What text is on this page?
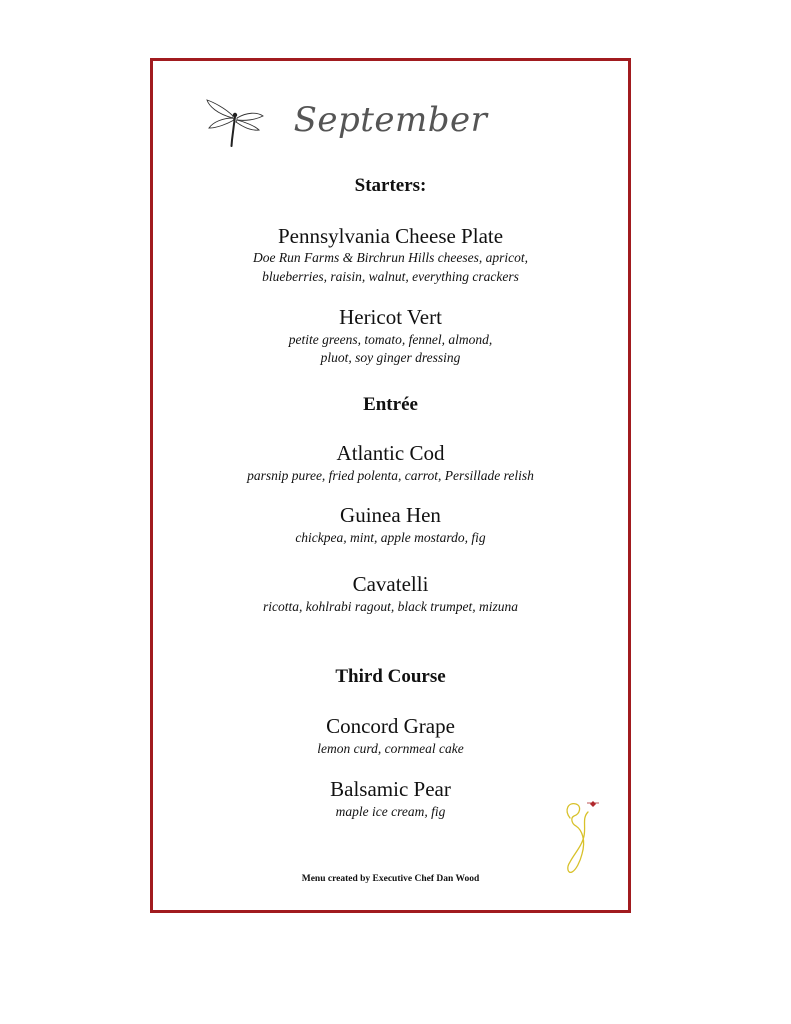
September

Starters:

Pennsylvania Cheese Plate

Doe Run Farms & Birchrun Hills cheeses, apricot,

blueberries, raisin, walnut, everything crackers

Hericot Vert

petite greens, tomato, fennel, almond,

pluot, soy ginger dressing

Entrée

Atlantic Cod

parsnip puree, fried polenta, carrot, Persillade relish

Guinea Hen

chickpea, mint, apple mostardo, fig

Cavatelli

ricotta, kohlrabi ragout, black trumpet, mizuna

Third Course

Concord Grape

lemon curd, cornmeal cake

Balsamic Pear

maple ice cream, fig

Menu created by Executive Chef Dan Wood
